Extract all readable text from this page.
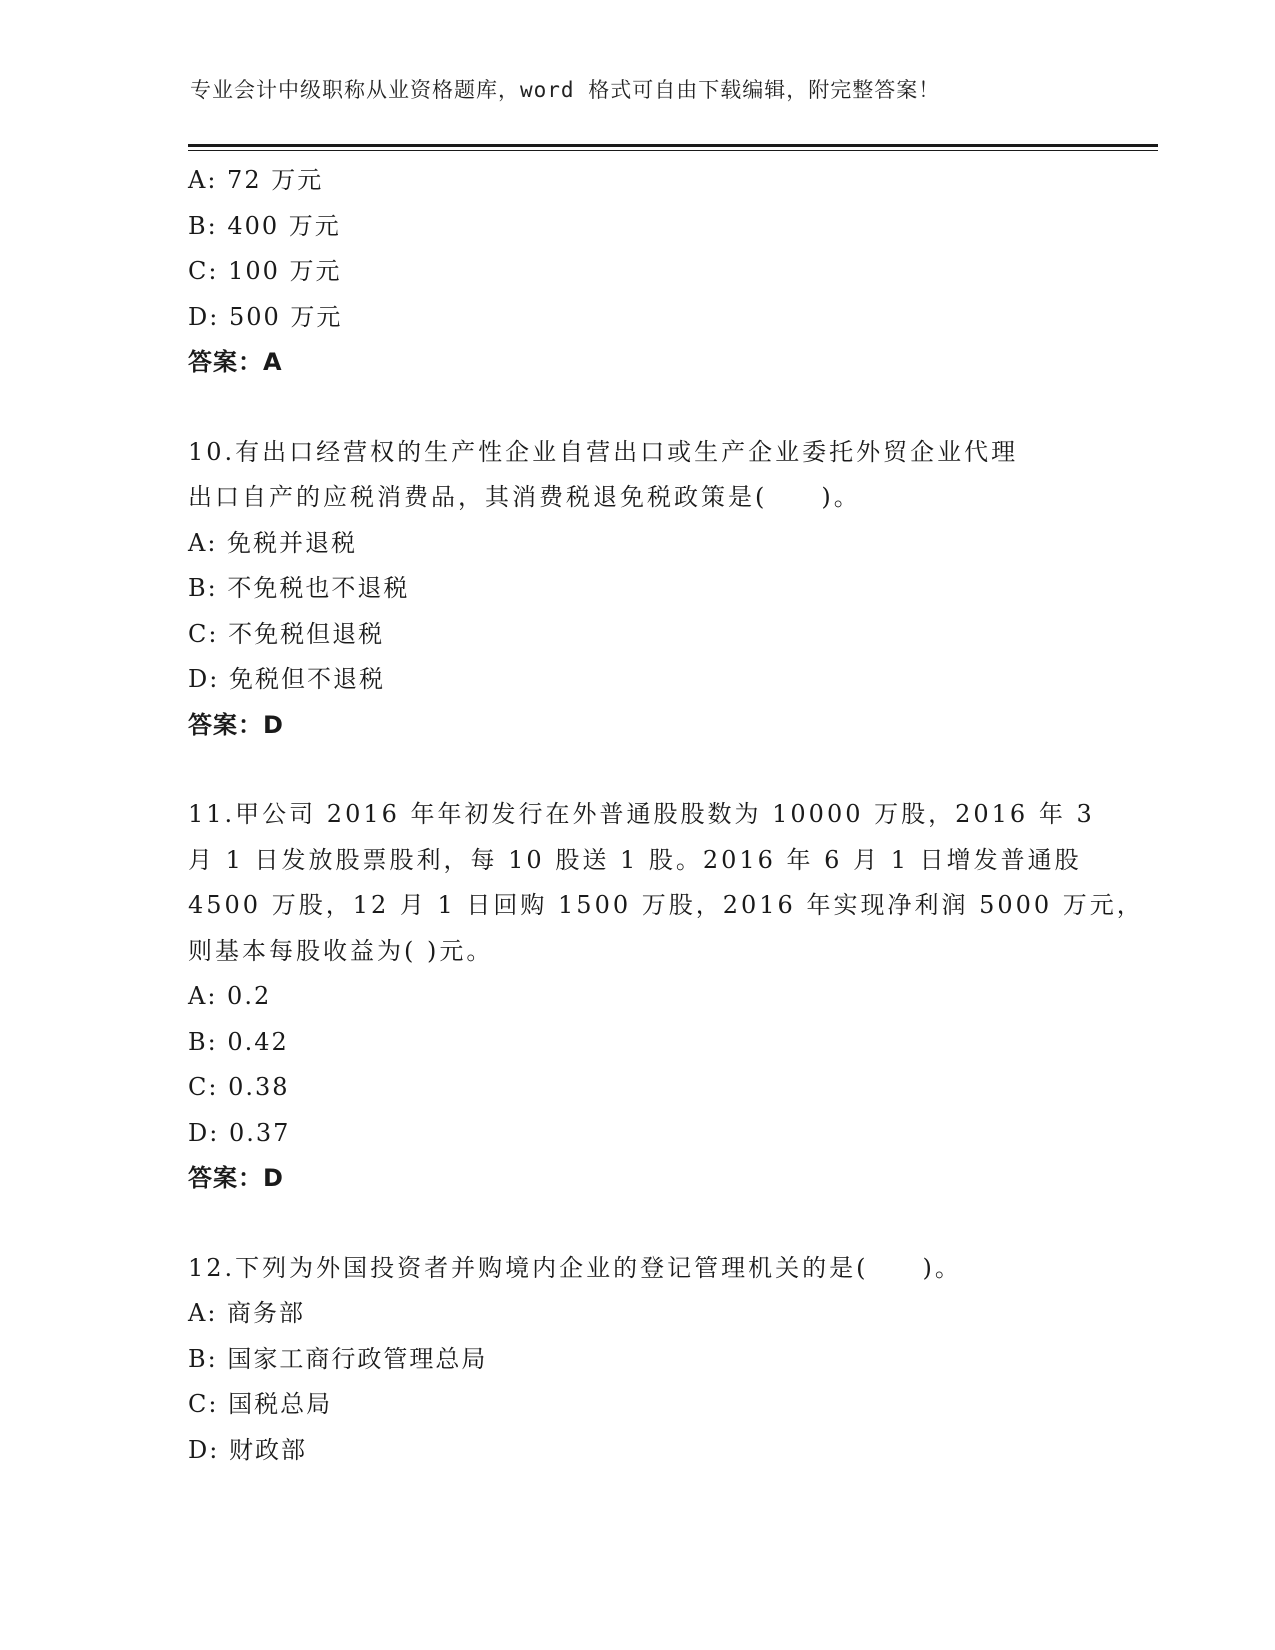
专业会计中级职称从业资格题库，word 格式可自由下载编辑，附完整答案！
A: 72 万元
B: 400 万元
C: 100 万元
D: 500 万元
答案：A
10.有出口经营权的生产性企业自营出口或生产企业委托外贸企业代理
出口自产的应税消费品，其消费税退免税政策是(　　)。
A: 免税并退税
B: 不免税也不退税
C: 不免税但退税
D: 免税但不退税
答案：D
11.甲公司 2016 年年初发行在外普通股股数为 10000 万股，2016 年 3
月 1 日发放股票股利，每 10 股送 1 股。2016 年 6 月 1 日增发普通股
4500 万股，12 月 1 日回购 1500 万股，2016 年实现净利润 5000 万元，
则基本每股收益为( )元。
A: 0.2
B: 0.42
C: 0.38
D: 0.37
答案：D
12.下列为外国投资者并购境内企业的登记管理机关的是(　　)。
A: 商务部
B: 国家工商行政管理总局
C: 国税总局
D: 财政部
